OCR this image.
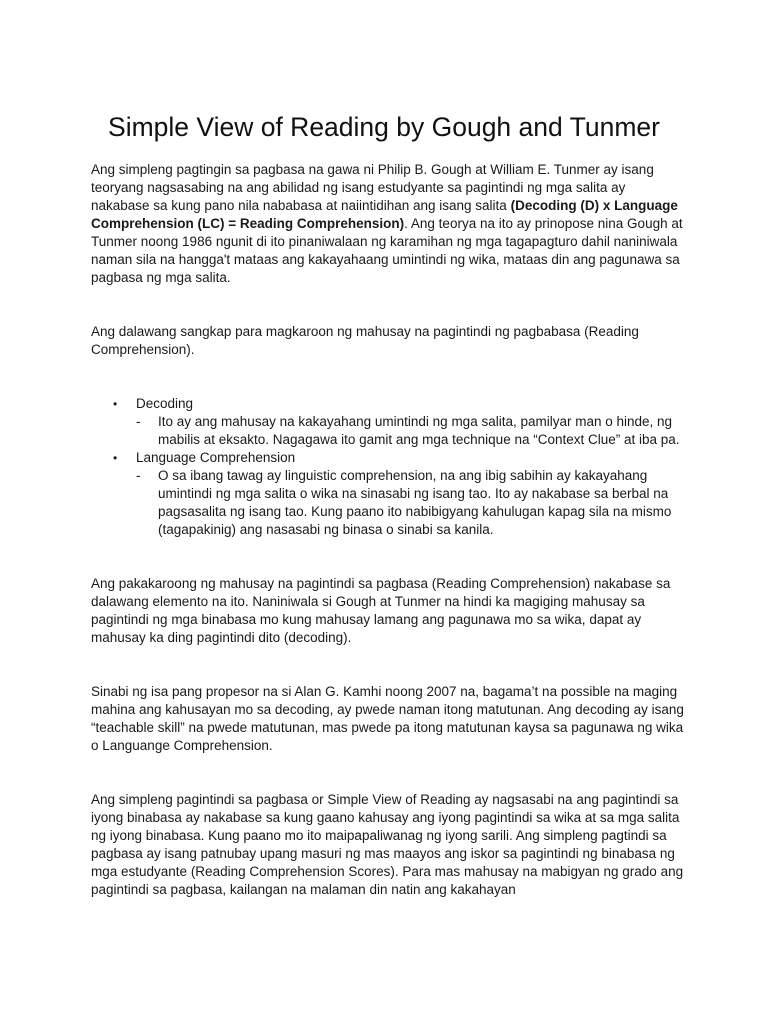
Simple View of Reading by Gough and Tunmer

Ang simpleng pagtingin sa pagbasa na gawa ni Philip B. Gough at William E. Tunmer ay isang teoryang nagsasabing na ang abilidad ng isang estudyante sa pagintindi ng mga salita ay nakabase sa kung pano nila nababasa at naiintidihan ang isang salita (Decoding (D) x Language Comprehension (LC) = Reading Comprehension). Ang teorya na ito ay prinopose nina Gough at Tunmer noong 1986 ngunit di ito pinaniwalaan ng karamihan ng mga tagapagturo dahil naniniwala naman sila na hangga't mataas ang kakayahaang umintindi ng wika, mataas din ang pagunawa sa pagbasa ng mga salita.

Ang dalawang sangkap para magkaroon ng mahusay na pagintindi ng pagbabasa (Reading Comprehension).

• Decoding
- Ito ay ang mahusay na kakayahang umintindi ng mga salita, pamilyar man o hinde, ng mabilis at eksakto. Nagagawa ito gamit ang mga technique na “Context Clue” at iba pa.
• Language Comprehension
- O sa ibang tawag ay linguistic comprehension, na ang ibig sabihin ay kakayahang umintindi ng mga salita o wika na sinasabi ng isang tao. Ito ay nakabase sa berbal na pagsasalita ng isang tao. Kung paano ito nabibigyang kahulugan kapag sila na mismo (tagapakinig) ang nasasabi ng binasa o sinabi sa kanila.

Ang pakakaroong ng mahusay na pagintindi sa pagbasa (Reading Comprehension) nakabase sa dalawang elemento na ito. Naniniwala si Gough at Tunmer na hindi ka magiging mahusay sa pagintindi ng mga binabasa mo kung mahusay lamang ang pagunawa mo sa wika, dapat ay mahusay ka ding pagintindi dito (decoding).

Sinabi ng isa pang propesor na si Alan G. Kamhi noong 2007 na, bagama’t na possible na maging mahina ang kahusayan mo sa decoding, ay pwede naman itong matutunan. Ang decoding ay isang “teachable skill” na pwede matutunan, mas pwede pa itong matutunan kaysa sa pagunawa ng wika o Languange Comprehension.

Ang simpleng pagintindi sa pagbasa or Simple View of Reading ay nagsasabi na ang pagintindi sa iyong binabasa ay nakabase sa kung gaano kahusay ang iyong pagintindi sa wika at sa mga salita ng iyong binabasa. Kung paano mo ito maipapaliwanag ng iyong sarili. Ang simpleng pagtindi sa pagbasa ay isang patnubay upang masuri ng mas maayos ang iskor sa pagintindi ng binabasa ng mga estudyante (Reading Comprehension Scores). Para mas mahusay na mabigyan ng grado ang pagintindi sa pagbasa, kailangan na malaman din natin ang kakahayan
